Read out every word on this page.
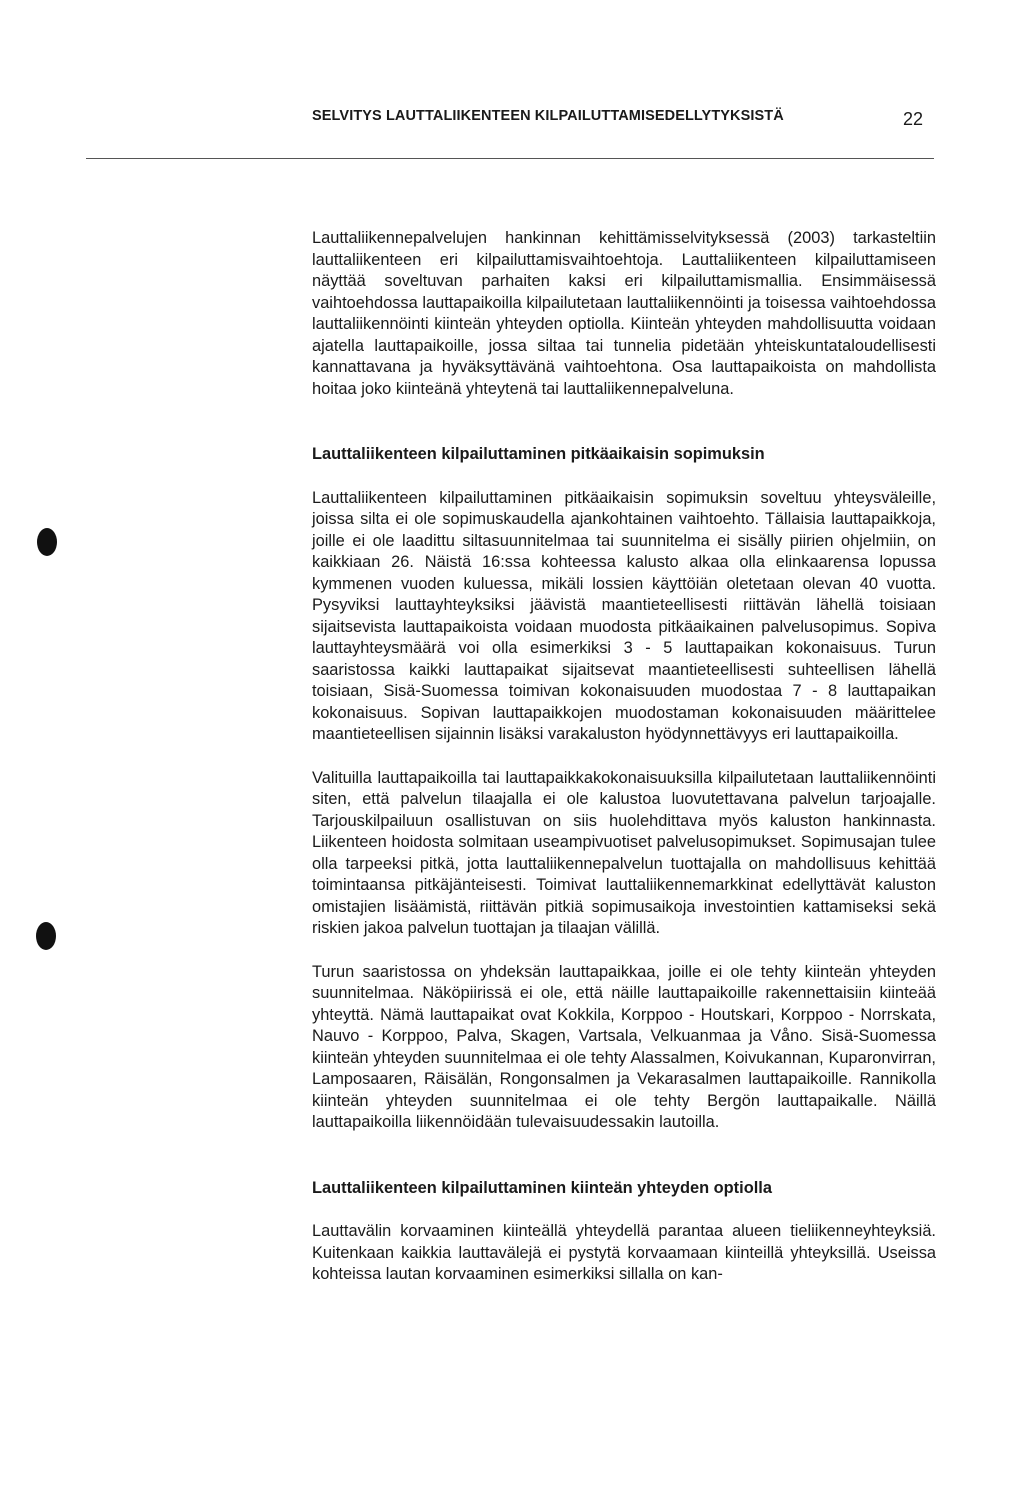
SELVITYS LAUTTALIIKENTEEN KILPAILUTTAMISEDELLYTYKSISTÄ	22

Lauttaliikennepalvelujen hankinnan kehittämisselvityksessä (2003) tarkasteltiin lauttaliikenteen eri kilpailuttamisvaihtoehtoja. Lauttaliikenteen kilpailuttamiseen näyttää soveltuvan parhaiten kaksi eri kilpailuttamismallia. Ensimmäisessä vaihtoehdossa lauttapaikoilla kilpailutetaan lauttaliikennöinti ja toisessa vaihtoehdossa lauttaliikennöinti kiinteän yhteyden optiolla. Kiinteän yhteyden mahdollisuutta voidaan ajatella lauttapaikoille, jossa siltaa tai tunnelia pidetään yhteiskuntataloudellisesti kannattavana ja hyväksyttävänä vaihtoehtona. Osa lauttapaikoista on mahdollista hoitaa joko kiinteänä yhteytenä tai lauttaliikennepalveluna.

Lauttaliikenteen kilpailuttaminen pitkäaikaisin sopimuksin

Lauttaliikenteen kilpailuttaminen pitkäaikaisin sopimuksin soveltuu yhteysväleille, joissa silta ei ole sopimuskaudella ajankohtainen vaihtoehto. Tällaisia lauttapaikkoja, joille ei ole laadittu siltasuunnitelmaa tai suunnitelma ei sisälly piirien ohjelmiin, on kaikkiaan 26. Näistä 16:ssa kohteessa kalusto alkaa olla elinkaarensa lopussa kymmenen vuoden kuluessa, mikäli lossien käyttöiän oletetaan olevan 40 vuotta. Pysyviksi lauttayhteyksiksi jäävistä maantieteellisesti riittävän lähellä toisiaan sijaitsevista lauttapaikoista voidaan muodosta pitkäaikainen palvelusopimus. Sopiva lauttayhteysmäärä voi olla esimerkiksi 3 - 5 lauttapaikan kokonaisuus. Turun saaristossa kaikki lauttapaikat sijaitsevat maantieteellisesti suhteellisen lähellä toisiaan, Sisä-Suomessa toimivan kokonaisuuden muodostaa 7 - 8 lauttapaikan kokonaisuus. Sopivan lauttapaikkojen muodostaman kokonaisuuden määrittelee maantieteellisen sijainnin lisäksi varakaluston hyödynnettävyys eri lauttapaikoilla.

Valituilla lauttapaikoilla tai lauttapaikkakokonaisuuksilla kilpailutetaan lauttaliikennöinti siten, että palvelun tilaajalla ei ole kalustoa luovutettavana palvelun tarjoajalle. Tarjouskilpailuun osallistuvan on siis huolehdittava myös kaluston hankinnasta. Liikenteen hoidosta solmitaan useampivuotiset palvelusopimukset. Sopimusajan tulee olla tarpeeksi pitkä, jotta lauttaliikennepalvelun tuottajalla on mahdollisuus kehittää toimintaansa pitkäjänteisesti. Toimivat lauttaliikennemarkkinat edellyttävät kaluston omistajien lisäämistä, riittävän pitkiä sopimusaikoja investointien kattamiseksi sekä riskien jakoa palvelun tuottajan ja tilaajan välillä.

Turun saaristossa on yhdeksän lauttapaikkaa, joille ei ole tehty kiinteän yhteyden suunnitelmaa. Näköpiirissä ei ole, että näille lauttapaikoille rakennettaisiin kiinteää yhteyttä. Nämä lauttapaikat ovat Kokkila, Korppoo - Houtskari, Korppoo - Norrskata, Nauvo - Korppoo, Palva, Skagen, Vartsala, Velkuanmaa ja Våno. Sisä-Suomessa kiinteän yhteyden suunnitelmaa ei ole tehty Alassalmen, Koivukannan, Kuparonvirran, Lamposaaren, Räisälän, Rongonsalmen ja Vekarasalmen lauttapaikoille. Rannikolla kiinteän yhteyden suunnitelmaa ei ole tehty Bergön lauttapaikalle. Näillä lauttapaikoilla liikennöidään tulevaisuudessakin lautoilla.

Lauttaliikenteen kilpailuttaminen kiinteän yhteyden optiolla

Lauttavälin korvaaminen kiinteällä yhteydellä parantaa alueen tieliikenneyhteyksiä. Kuitenkaan kaikkia lauttavälejä ei pystytä korvaamaan kiinteillä yhteyksillä. Useissa kohteissa lautan korvaaminen esimerkiksi sillalla on kan-
